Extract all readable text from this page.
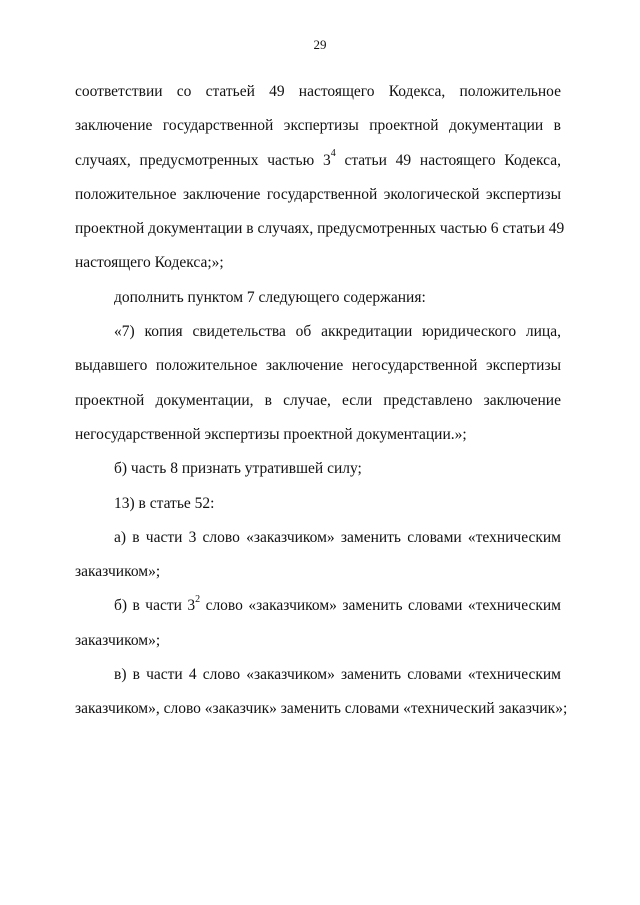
29

соответствии со статьей 49 настоящего Кодекса, положительное
заключение государственной экспертизы проектной документации в
случаях, предусмотренных частью $3^4$ статьи 49 настоящего Кодекса,
положительное заключение государственной экологической экспертизы
проектной документации в случаях, предусмотренных частью 6 статьи 49
настоящего Кодекса;»;

дополнить пунктом 7 следующего содержания:

«7) копия свидетельства об аккредитации юридического лица,
выдавшего положительное заключение негосударственной экспертизы
проектной документации, в случае, если представлено заключение
негосударственной экспертизы проектной документации.»;

б) часть 8 признать утратившей силу;

13) в статье 52:

а) в части 3 слово «заказчиком» заменить словами «техническим
заказчиком»;

б) в части $3^2$ слово «заказчиком» заменить словами «техническим
заказчиком»;

в) в части 4 слово «заказчиком» заменить словами «техническим
заказчиком», слово «заказчик» заменить словами «технический заказчик»;
